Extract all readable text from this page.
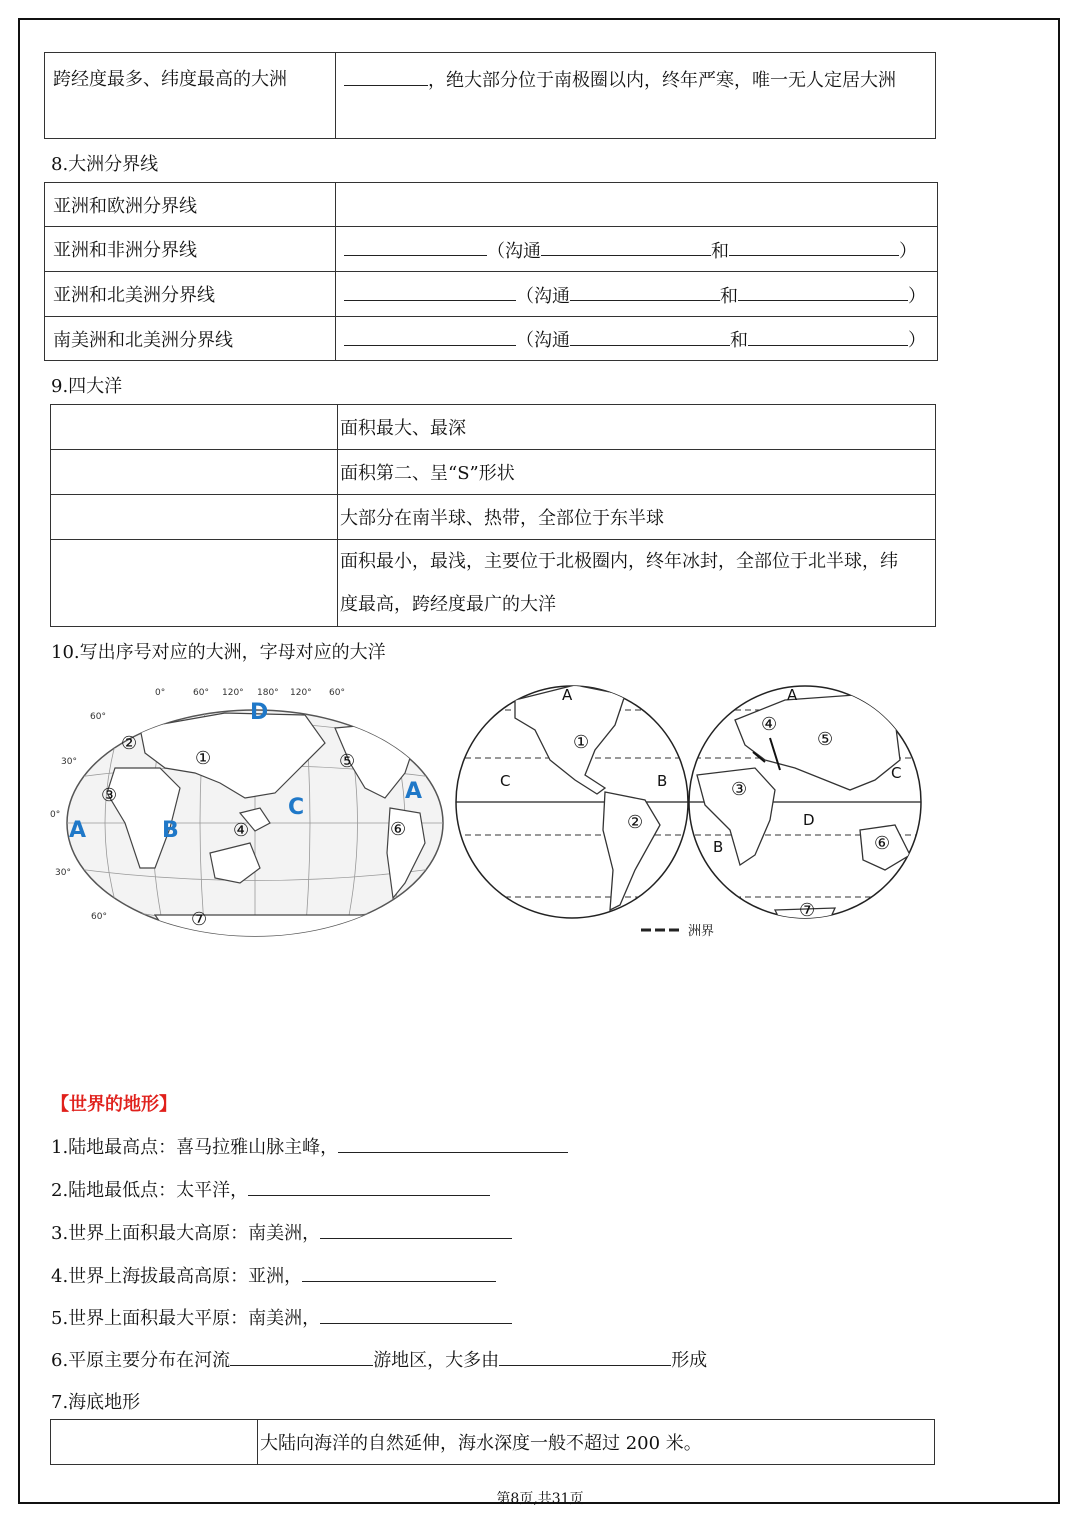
跨经度最多、纬度最高的大洲	，绝大部分位于南极圈以内，终年严寒，唯一无人定居大洲
8.大洲分界线
亚洲和欧洲分界线	
亚洲和非洲分界线	（沟通 和 ）
亚洲和北美洲分界线	（沟通 和 ）
南美洲和北美洲分界线	（沟通 和 ）
9.四大洋
	面积最大、最深
	面积第二、呈“S”形状
	大部分在南半球、热带，全部位于东半球
	面积最小，最浅，主要位于北极圈内，终年冰封，全部位于北半球，纬
度最高，跨经度最广的大洋
10.写出序号对应的大洲，字母对应的大洋
0°	60° 120° 180° 120° 60°
60°
30°
0°
30°
60°
D
A
A	B
C
①
②
③
④
⑤
⑥
⑦
A
C	B
A
C
D
B
①
②
④
⑤
③
⑥
⑦
洲界
【世界的地形】
1.陆地最高点：喜马拉雅山脉主峰，
2.陆地最低点：太平洋，
3.世界上面积最大高原：南美洲，
4.世界上海拔最高高原：亚洲，
5.世界上面积最大平原：南美洲，
6.平原主要分布在河流	游地区，大多由	形成
7.海底地形
	大陆向海洋的自然延伸，海水深度一般不超过 200 米。
第8页,共31页
